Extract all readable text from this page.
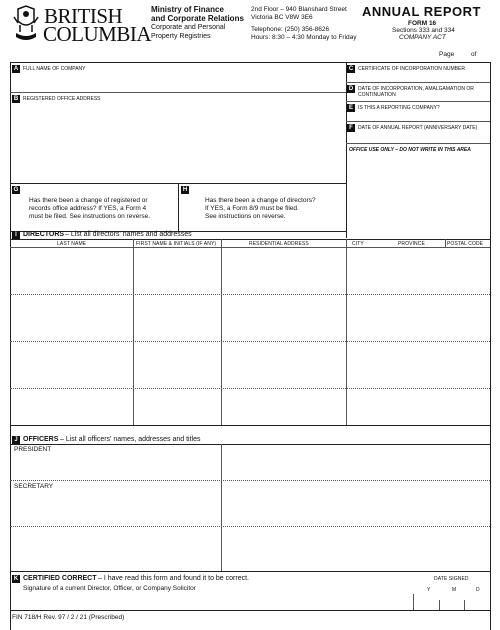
BRITISH
COLUMBIA
Ministry of Finance
and Corporate Relations
Corporate and Personal
Property Registries
2nd Floor – 940 Blanshard Street
Victoria BC V8W 3E6
Telephone: (250) 356-8626
Hours: 8:30 – 4:30 Monday to Friday
ANNUAL REPORT
FORM 16
Sections 333 and 334
COMPANY ACT
Page	of
A FULL NAME OF COMPANY
B REGISTERED OFFICE ADDRESS
C CERTIFICATE OF INCORPORATION NUMBER
D DATE OF INCORPORATION, AMALGAMATION OR
CONTINUATION
E	IS THIS A REPORTING COMPANY?
F	DATE OF ANNUAL REPORT (ANNIVERSARY DATE)
OFFICE USE ONLY – DO NOT WRITE IN THIS AREA
G
Has there been a change of registered or
records office address? If YES, a Form 4
must be filed. See instructions on reverse.
H
Has there been a change of directors?
If YES, a Form 8/9 must be filed.
See instructions on reverse.
I DIRECTORS – List all directors' names and addresses
LAST NAME	FIRST NAME & INITIALS (IF ANY)	RESIDENTIAL ADDRESS	CITY	PROVINCE	POSTAL CODE
J OFFICERS – List all officers' names, addresses and titles
PRESIDENT
SECRETARY
K CERTIFIED CORRECT – I have read this form and found it to be correct.
Signature of a current Director, Officer, or Company Solicitor
DATE SIGNED
Y	M	D
FIN 718/H Rev. 97 / 2 / 21 (Prescribed)
